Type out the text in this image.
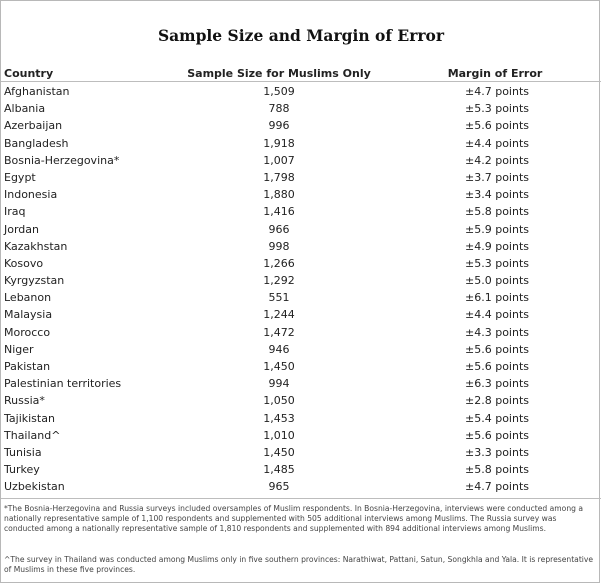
Sample Size and Margin of Error
Country	Sample Size for Muslims Only	Margin of Error
Afghanistan	1,509	±4.7 points
Albania	788	±5.3 points
Azerbaijan	996	±5.6 points
Bangladesh	1,918	±4.4 points
Bosnia-Herzegovina*	1,007	±4.2 points
Egypt	1,798	±3.7 points
Indonesia	1,880	±3.4 points
Iraq	1,416	±5.8 points
Jordan	966	±5.9 points
Kazakhstan	998	±4.9 points
Kosovo	1,266	±5.3 points
Kyrgyzstan	1,292	±5.0 points
Lebanon	551	±6.1 points
Malaysia	1,244	±4.4 points
Morocco	1,472	±4.3 points
Niger	946	±5.6 points
Pakistan	1,450	±5.6 points
Palestinian territories	994	±6.3 points
Russia*	1,050	±2.8 points
Tajikistan	1,453	±5.4 points
Thailand^	1,010	±5.6 points
Tunisia	1,450	±3.3 points
Turkey	1,485	±5.8 points
Uzbekistan	965	±4.7 points
*The Bosnia-Herzegovina and Russia surveys included oversamples of Muslim respondents. In Bosnia-Herzegovina, interviews were conducted among a nationally representative sample of 1,100 respondents and supplemented with 505 additional interviews among Muslims. The Russia survey was conducted among a nationally representative sample of 1,810 respondents and supplemented with 894 additional interviews among Muslims.
^The survey in Thailand was conducted among Muslims only in five southern provinces: Narathiwat, Pattani, Satun, Songkhla and Yala. It is representative of Muslims in these five provinces.
